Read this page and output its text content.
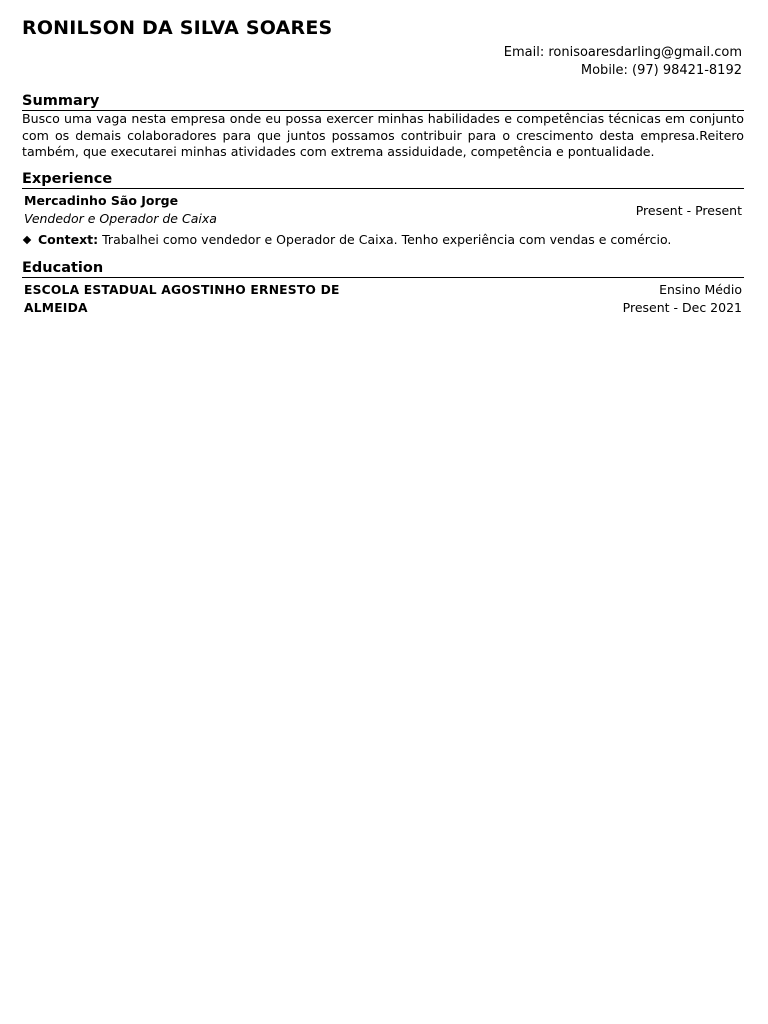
RONILSON DA SILVA SOARES
Email: ronisoaresdarling@gmail.com
Mobile: (97) 98421-8192
Summary
Busco uma vaga nesta empresa onde eu possa exercer minhas habilidades e competências técnicas em conjunto com os demais colaboradores para que juntos possamos contribuir para o crescimento desta empresa.Reitero também, que executarei minhas atividades com extrema assiduidade, competência e pontualidade.
Experience
Mercadinho São Jorge
Vendedor e Operador de Caixa
Present - Present
Context: Trabalhei como vendedor e Operador de Caixa. Tenho experiência com vendas e comércio.
Education
ESCOLA ESTADUAL AGOSTINHO ERNESTO DE ALMEIDA
Ensino Médio
Present - Dec 2021
